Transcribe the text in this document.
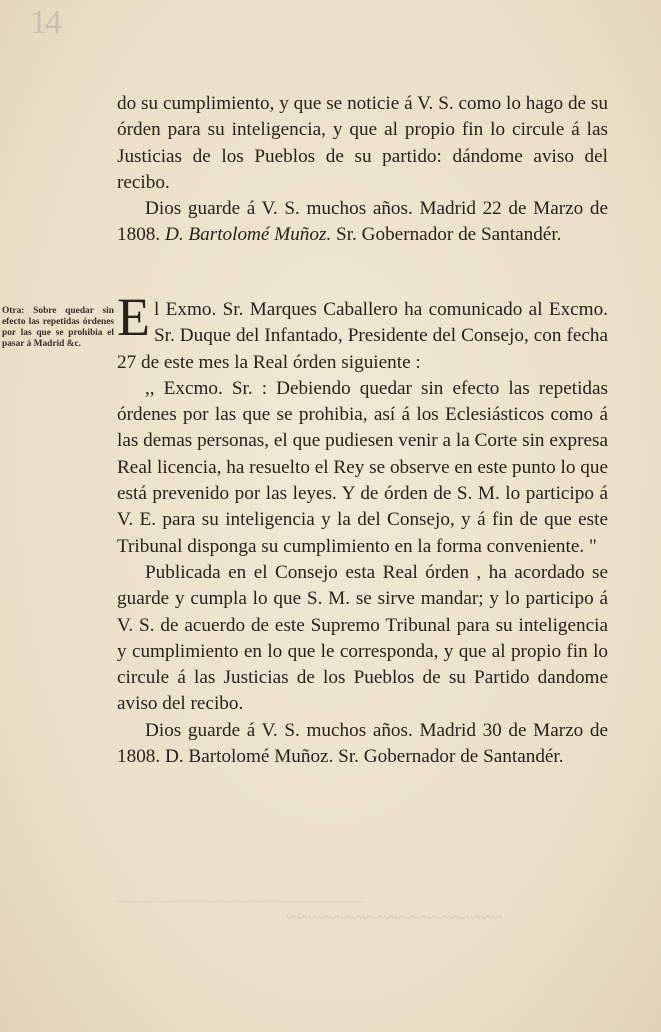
14

do su cumplimiento, y que se noticie á V. S. como lo hago de su órden para su inteligencia, y que al propio fin lo circule á las Justicias de los Pueblos de su partido: dándome aviso del recibo.

Dios guarde á V. S. muchos años. Madrid 22 de Marzo de 1808. D. Bartolomé Muñoz. Sr. Gobernador de Santandér.

Otra: Sobre quedar sin efecto las repetidas órdenes por las que se prohibia el pasar á Madrid &c. El Exmo. Sr. Marques Caballero ha comunicado al Excmo. Sr. Duque del Infantado, Presidente del Consejo, con fecha 27 de este mes la Real órden siguiente :

,, Excmo. Sr. : Debiendo quedar sin efecto las repetidas órdenes por las que se prohibia, así á los Eclesiásticos como á las demas personas, el que pudiesen venir a la Corte sin expresa Real licencia, ha resuelto el Rey se observe en este punto lo que está prevenido por las leyes. Y de órden de S. M. lo participo á V. E. para su inteligencia y la del Consejo, y á fin de que este Tribunal disponga su cumplimiento en la forma conveniente. "

Publicada en el Consejo esta Real órden , ha acordado se guarde y cumpla lo que S. M. se sirve mandar; y lo participo á V. S. de acuerdo de este Supremo Tribunal para su inteligencia y cumplimiento en lo que le corresponda, y que al propio fin lo circule á las Justicias de los Pueblos de su Partido dandome aviso del recibo.

Dios guarde á V. S. muchos años. Madrid 30 de Marzo de 1808. D. Bartolomé Muñoz. Sr. Gobernador de Santandér.

~~~~~~~~~~~~~~~~~~~~
~~~~~~~~~~~~~~~~~~~~~~~~~~~~~~~~~~~~~~~~~~~~~~
